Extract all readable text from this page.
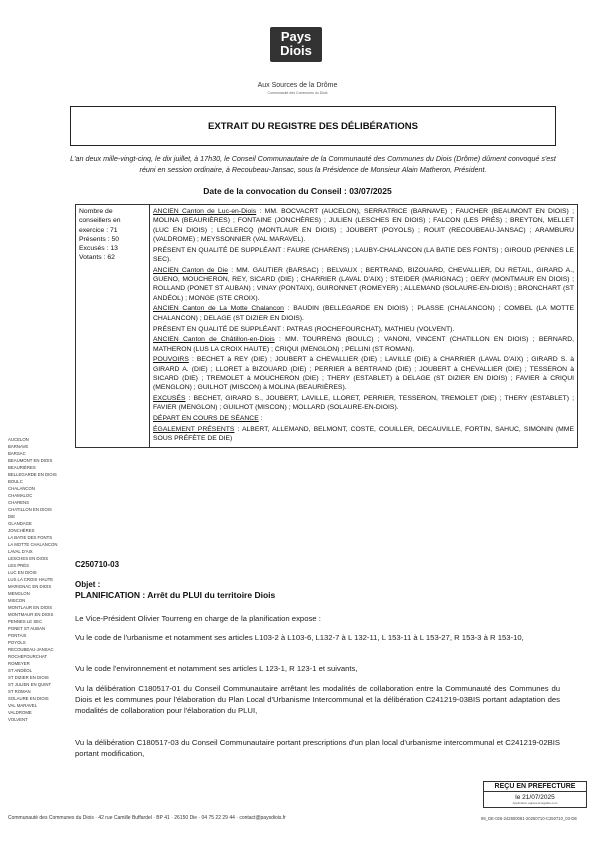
Pays Diois
Aux Sources de la Drôme
Communauté des Communes du Diois
EXTRAIT DU REGISTRE DES DÉLIBÉRATIONS
L'an deux mille-vingt-cinq, le dix juillet, à 17h30, le Conseil Communautaire de la Communauté des Communes du Diois (Drôme) dûment convoqué s'est réuni en session ordinaire, à Recoubeau-Jansac, sous la Présidence de Monsieur Alain Matheron, Président.
Date de la convocation du Conseil : 03/07/2025
Nombre de conseillers en exercice : 71
Présents : 50
Excusés : 13
Votants : 62

ANCIEN Canton de Luc-en-Diois : MM. BOCVACRT (AUCELON), SERRATRICE (BARNAVE) ; FAUCHER (BEAUMONT EN DIOIS) ; MOLINA (BEAURIÈRES) ; FONTAINE (JONCHÈRES) ; JULIEN (LESCHES EN DIOIS) ; FALCON (LES PRÉS) ; BREYTON, MELLET (LUC EN DIOIS) ; LECLERCQ (MONTLAUR EN DIOIS) ; JOUBERT (POYOLS) ; ROUIT (RECOUBEAU-JANSAC) ; ARAMBURU (VALDROME) ; MEYSSONNIER (VAL MARAVEL).

PRÉSENT EN QUALITÉ DE SUPPLÉANT : FAURE (CHARENS) ; LAUBY-CHALANCON (LA BATIE DES FONTS) ; GIROUD (PENNES LE SEC).

ANCIEN Canton de Die : MM. GAUTIER (BARSAC) ; BELVAUX ; BERTRAND, BIZOUARD, CHEVALLIER, DU RETAIL, GIRARD A., GUENO, MOUCHERON, REY, SICARD (DIE) ; CHARRIER (LAVAL D'AIX) ; STEIDER (MARIGNAC) ; GERY (MONTMAUR EN DIOIS) ; ROLLAND (PONET ST AUBAN) ; VINAY (PONTAIX), GUIRONNET (ROMEYER) ; ALLEMAND (SOLAURE-EN-DIOIS) ; BRONCHART (ST ANDÉOL) ; MONGE (STE CROIX).

ANCIEN Canton de La Motte Chalancon : BAUDIN (BELLEGARDE EN DIOIS) ; PLASSE (CHALANCON) ; COMBEL (LA MOTTE CHALANCON) ; DELAGE (ST DIZIER EN DIOIS).

PRÉSENT EN QUALITÉ DE SUPPLÉANT : PATRAS (ROCHEFOURCHAT), MATHIEU (VOLVENT).

ANCIEN Canton de Châtillon-en-Diois : MM. TOURRENG (BOULC) ; VANONI, VINCENT (CHATILLON EN DIOIS) ; BERNARD, MATHERON (LUS LA CROIX HAUTE) ; CRIQUI (MENGLON) ; PELLINI (ST ROMAN).

POUVOIRS : BECHET à REY (DIE) ; JOUBERT à CHEVALLIER (DIE) ; LAVILLE (DIE) à CHARRIER (LAVAL D'AIX) ; GIRARD S. à GIRARD A. (DIE) ; LLORET à BIZOUARD (DIE) ; PERRIER à BERTRAND (DIE) ; JOUBERT à CHEVALLIER (DIE) ; TESSERON à SICARD (DIE) ; TREMOLET à MOUCHERON (DIE) ; THERY (ESTABLET) à DELAGE (ST DIZIER EN DIOIS) ; FAVIER à CRIQUI (MENGLON) ; GUILHOT (MISCON) à MOLINA (BEAURIÈRES).

EXCUSÉS : BECHET, GIRARD S., JOUBERT, LAVILLE, LLORET, PERRIER, TESSERON, TREMOLET (DIE) ; THERY (ESTABLET) ; FAVIER (MENGLON) ; GUILHOT (MISCON) ; MOLLARD (SOLAURE-EN-DIOIS).

DÉPART EN COURS DE SÉANCE :

ÉGALEMENT PRÉSENTS : ALBERT, ALLEMAND, BELMONT, COSTE, COUILLER, DECAUVILLE, FORTIN, SAHUC, SIMONIN (MME SOUS PRÉFÈTE DE DIE)

AUCELON
BARNAVE
BARSAC
BEAUMONT EN DIOIS
BEAURIÈRES
BELLEGARDE EN DIOIS
BOULC
CHALANCON
CHAMALOC
CHARENS
CHATILLON EN DIOIS
DIE
GLANDAGE
JONCHÈRES
LA BATIE DES FONTS
LA MOTTE CHALANCON
LAVAL D'AIX
LESCHES EN DIOIS
LES PRÉS
LUC EN DIOIS
LUS LA CROIX HAUTE
MARIGNAC EN DIOIS
MENGLON
MISCON
MONTLAUR EN DIOIS
MONTMAUR EN DIOIS
PENNES LE SEC
PONET ST AUBAN
PONTAIX
POYOLS
RECOUBEAU-JANSAC
ROCHEFOURCHAT
ROMEYER
ST ANDÉOL
ST DIZIER EN DIOIS
ST JULIEN EN QUINT
ST ROMAN
SOLAURE EN DIOIS
VAL MARAVEL
VALDROME
VOLVENT
C250710-03
Objet :
PLANIFICATION : Arrêt du PLUI du territoire Diois
Le Vice-Président Olivier Tourreng en charge de la planification expose :
Vu le code de l'urbanisme et notamment ses articles L103-2 à L103-6, L132-7 à L 132-11, L 153-11 à L 153-27, R 153-3 à R 153-10,
Vu le code l'environnement et notamment ses articles L 123-1, R 123-1 et suivants,
Vu la délibération C180517-01 du Conseil Communautaire arrêtant les modalités de collaboration entre la Communauté des Communes du Diois et les communes pour l'élaboration du Plan Local d'Urbanisme Intercommunal et la délibération C241219-03BIS portant adaptation des modalités de collaboration pour l'élaboration du PLUI,
Vu la délibération C180517-03 du Conseil Communautaire portant prescriptions d'un plan local d'urbanisme intercommunal et C241219-02BIS portant modification,
Communauté des Communes du Diois · 42 rue Camille Buffardel · BP 41 · 26150 Die · 04 75 22 29 44 · contact@paysdiois.fr
REÇU EN PREFECTURE
le 21/07/2025
Application agréée E-legalite.com
99_DE-026-242600081-20250710-C250710_03-DE
